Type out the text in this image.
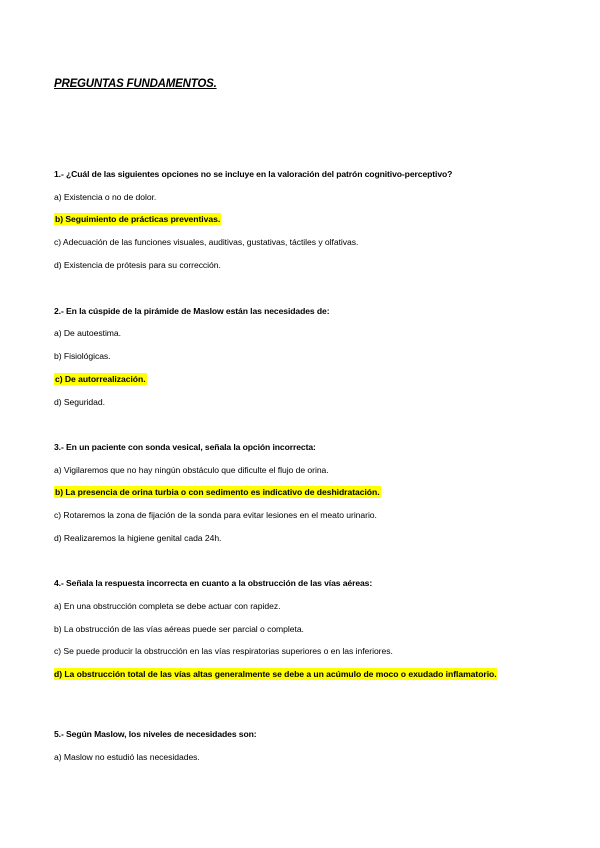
PREGUNTAS FUNDAMENTOS.
1.- ¿Cuál de las siguientes opciones no se incluye en la valoración del patrón cognitivo-perceptivo?
a) Existencia o no de dolor.
b) Seguimiento de prácticas preventivas.
c) Adecuación de las funciones visuales, auditivas, gustativas, táctiles y olfativas.
d) Existencia de prótesis para su corrección.
2.- En la cúspide de la pirámide de Maslow están las necesidades de:
a) De autoestima.
b) Fisiológicas.
c) De autorrealización.
d) Seguridad.
3.- En un paciente con sonda vesical, señala la opción incorrecta:
a) Vigilaremos que no hay ningún obstáculo que dificulte el flujo de orina.
b) La presencia de orina turbia o con sedimento es indicativo de deshidratación.
c) Rotaremos la zona de fijación de la sonda para evitar lesiones en el meato urinario.
d) Realizaremos la higiene genital cada 24h.
4.- Señala la respuesta incorrecta en cuanto a la obstrucción de las vías aéreas:
a) En una obstrucción completa se debe actuar con rapidez.
b) La obstrucción de las vías aéreas puede ser parcial o completa.
c) Se puede producir la obstrucción en las vías respiratorias superiores o en las inferiores.
d) La obstrucción total de las vías altas generalmente se debe a un acúmulo de moco o exudado inflamatorio.
5.- Según Maslow, los niveles de necesidades son:
a) Maslow no estudió las necesidades.
